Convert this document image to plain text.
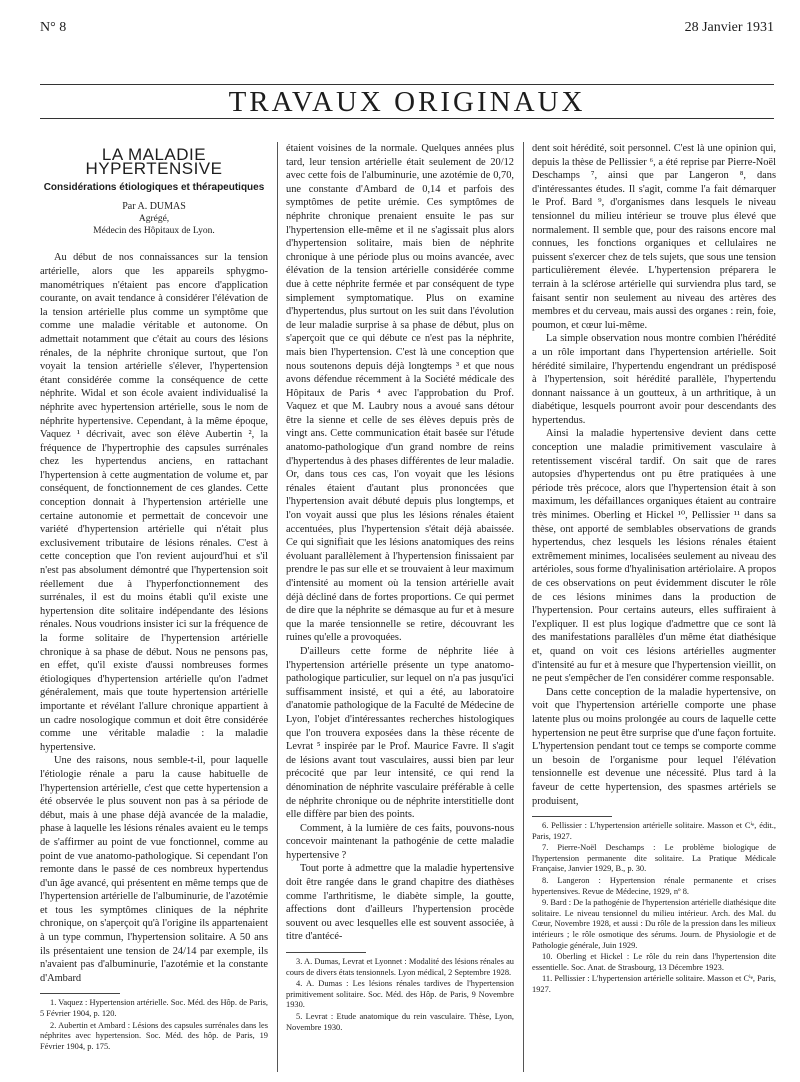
N° 8	28 Janvier 1931
TRAVAUX ORIGINAUX

LA MALADIE HYPERTENSIVE

Considérations étiologiques et thérapeutiques

Par A. DUMAS

Agrégé,

Médecin des Hôpitaux de Lyon.

Au début de nos connaissances sur la tension artérielle, alors que les appareils sphygmo-manométriques n'étaient pas encore d'application courante, on avait tendance à considérer l'élévation de la tension artérielle plus comme un symptôme que comme une maladie véritable et autonome. On admettait notamment que c'était au cours des lésions rénales, de la néphrite chronique surtout, que l'on voyait la tension artérielle s'élever, l'hypertension étant considérée comme la conséquence de cette néphrite. Widal et son école avaient individualisé la néphrite avec hypertension artérielle, sous le nom de néphrite hypertensive. Cependant, à la même époque, Vaquez ¹ décrivait, avec son élève Aubertin ², la fréquence de l'hypertrophie des capsules surrénales chez les hypertendus anciens, en rattachant l'hypertension à cette augmentation de volume et, par conséquent, de fonctionnement de ces glandes. Cette conception donnait à l'hypertension artérielle une certaine autonomie et permettait de concevoir une variété d'hypertension artérielle qui n'était plus exclusivement tributaire de lésions rénales. C'est à cette conception que l'on revient aujourd'hui et s'il n'est pas absolument démontré que l'hypertension soit réellement due à l'hyperfonctionnement des surrénales, il est du moins établi qu'il existe une hypertension dite solitaire indépendante des lésions rénales. Nous voudrions insister ici sur la fréquence de la forme solitaire de l'hypertension artérielle chronique à sa phase de début. Nous ne pensons pas, en effet, qu'il existe d'aussi nombreuses formes étiologiques d'hypertension artérielle qu'on l'admet généralement, mais que toute hypertension artérielle importante et révélant l'allure chronique appartient à un cadre nosologique commun et doit être considérée comme une véritable maladie : la maladie hypertensive.

Une des raisons, nous semble-t-il, pour laquelle l'étiologie rénale a paru la cause habituelle de l'hypertension artérielle, c'est que cette hypertension a été observée le plus souvent non pas à sa période de début, mais à une phase déjà avancée de la maladie, phase à laquelle les lésions rénales avaient eu le temps de s'affirmer au point de vue fonctionnel, comme au point de vue anatomo-pathologique. Si cependant l'on remonte dans le passé de ces nombreux hypertendus d'un âge avancé, qui présentent en même temps que de l'hypertension artérielle de l'albuminurie, de l'azotémie et tous les symptômes cliniques de la néphrite chronique, on s'aperçoit qu'à l'origine ils appartenaient à un type commun, l'hypertension solitaire. A 50 ans ils présentaient une tension de 24/14 par exemple, ils n'avaient pas d'albuminurie, l'azotémie et la constante d'Ambard

1. Vaquez : Hypertension artérielle. Soc. Méd. des Hôp. de Paris, 5 Février 1904, p. 120.

2. Aubertin et Ambard : Lésions des capsules surrénales dans les néphrites avec hypertension. Soc. Méd. des hôp. de Paris, 19 Février 1904, p. 175.

étaient voisines de la normale. Quelques années plus tard, leur tension artérielle était seulement de 20/12 avec cette fois de l'albuminurie, une azotémie de 0,70, une constante d'Ambard de 0,14 et parfois des symptômes de petite urémie. Ces symptômes de néphrite chronique prenaient ensuite le pas sur l'hypertension elle-même et il ne s'agissait plus alors d'hypertension solitaire, mais bien de néphrite chronique à une période plus ou moins avancée, avec élévation de la tension artérielle considérée comme due à cette néphrite fermée et par conséquent de type simplement symptomatique. Plus on examine d'hypertendus, plus surtout on les suit dans l'évolution de leur maladie surprise à sa phase de début, plus on s'aperçoit que ce qui débute ce n'est pas la néphrite, mais bien l'hypertension. C'est là une conception que nous soutenons depuis déjà longtemps ³ et que nous avons défendue récemment à la Société médicale des Hôpitaux de Paris ⁴ avec l'approbation du Prof. Vaquez et que M. Laubry nous a avoué sans détour être la sienne et celle de ses élèves depuis près de vingt ans. Cette communication était basée sur l'étude anatomo-pathologique d'un grand nombre de reins d'hypertendus à des phases différentes de leur maladie. Or, dans tous ces cas, l'on voyait que les lésions rénales étaient d'autant plus prononcées que l'hypertension avait débuté depuis plus longtemps, et l'on voyait aussi que plus les lésions rénales étaient accentuées, plus l'hypertension s'était déjà abaissée. Ce qui signifiait que les lésions anatomiques des reins évoluant parallèlement à l'hypertension finissaient par prendre le pas sur elle et se trouvaient à leur maximum d'intensité au moment où la tension artérielle avait déjà décliné dans de fortes proportions. Ce qui permet de dire que la néphrite se démasque au fur et à mesure que la marée tensionnelle se retire, découvrant les ruines qu'elle a provoquées.

D'ailleurs cette forme de néphrite liée à l'hypertension artérielle présente un type anatomo-pathologique particulier, sur lequel on n'a pas jusqu'ici suffisamment insisté, et qui a été, au laboratoire d'anatomie pathologique de la Faculté de Médecine de Lyon, l'objet d'intéressantes recherches histologiques que l'on trouvera exposées dans la thèse récente de Levrat ⁵ inspirée par le Prof. Maurice Favre. Il s'agit de lésions avant tout vasculaires, aussi bien par leur précocité que par leur intensité, ce qui rend la dénomination de néphrite vasculaire préférable à celle de néphrite chronique ou de néphrite interstitielle dont elle diffère par bien des points.

Comment, à la lumière de ces faits, pouvons-nous concevoir maintenant la pathogénie de cette maladie hypertensive ?

Tout porte à admettre que la maladie hypertensive doit être rangée dans le grand chapitre des diathèses comme l'arthritisme, le diabète simple, la goutte, affections dont d'ailleurs l'hypertension procède souvent ou avec lesquelles elle est souvent associée, à titre d'antécé-

3. A. Dumas, Levrat et Lyonnet : Modalité des lésions rénales au cours de divers états tensionnels. Lyon médical, 2 Septembre 1928.

4. A. Dumas : Les lésions rénales tardives de l'hypertension primitivement solitaire. Soc. Méd. des Hôp. de Paris, 9 Novembre 1930.

5. Levrat : Etude anatomique du rein vasculaire. Thèse, Lyon, Novembre 1930.

dent soit hérédité, soit personnel. C'est là une opinion qui, depuis la thèse de Pellissier ⁶, a été reprise par Pierre-Noël Deschamps ⁷, ainsi que par Langeron ⁸, dans d'intéressantes études. Il s'agit, comme l'a fait démarquer le Prof. Bard ⁹, d'organismes dans lesquels le niveau tensionnel du milieu intérieur se trouve plus élevé que normalement. Il semble que, pour des raisons encore mal connues, les fonctions organiques et cellulaires ne puissent s'exercer chez de tels sujets, que sous une tension particulièrement élevée. L'hypertension préparera le terrain à la sclérose artérielle qui surviendra plus tard, se faisant sentir non seulement au niveau des artères des membres et du cerveau, mais aussi des organes : rein, foie, poumon, et cœur lui-même.

La simple observation nous montre combien l'hérédité a un rôle important dans l'hypertension artérielle. Soit hérédité similaire, l'hypertendu engendrant un prédisposé à l'hypertension, soit hérédité parallèle, l'hypertendu donnant naissance à un goutteux, à un arthritique, à un diabétique, lesquels pourront avoir pour descendants des hypertendus.

Ainsi la maladie hypertensive devient dans cette conception une maladie primitivement vasculaire à retentissement viscéral tardif. On sait que de rares autopsies d'hypertendus ont pu être pratiquées à une période très précoce, alors que l'hypertension était à son maximum, les défaillances organiques étaient au contraire très minimes. Oberling et Hickel ¹⁰, Pellissier ¹¹ dans sa thèse, ont apporté de semblables observations de grands hypertendus, chez lesquels les lésions rénales étaient extrêmement minimes, localisées seulement au niveau des artérioles, sous forme d'hyalinisation artériolaire. A propos de ces observations on peut évidemment discuter le rôle de ces lésions minimes dans la production de l'hypertension. Pour certains auteurs, elles suffiraient à l'expliquer. Il est plus logique d'admettre que ce sont là des manifestations parallèles d'un même état diathésique et, quand on voit ces lésions artérielles augmenter d'intensité au fur et à mesure que l'hypertension vieillit, on ne peut s'empêcher de l'en considérer comme responsable.

Dans cette conception de la maladie hypertensive, on voit que l'hypertension artérielle comporte une phase latente plus ou moins prolongée au cours de laquelle cette hypertension ne peut être surprise que d'une façon fortuite. L'hypertension pendant tout ce temps se comporte comme un besoin de l'organisme pour lequel l'élévation tensionnelle est devenue une nécessité. Plus tard à la faveur de cette hypertension, des spasmes artériels se produisent,

6. Pellissier : L'hypertension artérielle solitaire. Masson et Cⁱᵉ, édit., Paris, 1927.

7. Pierre-Noël Deschamps : Le problème biologique de l'hypertension permanente dite solitaire. La Pratique Médicale Française, Janvier 1929, B., p. 30.

8. Langeron : Hypertension rénale permanente et crises hypertensives. Revue de Médecine, 1929, nº 8.

9. Bard : De la pathogénie de l'hypertension artérielle diathésique dite solitaire. Le niveau tensionnel du milieu intérieur. Arch. des Mal. du Cœur, Novembre 1928, et aussi : Du rôle de la pression dans les milieux intérieurs ; le rôle osmotique des sérums. Journ. de Physiologie et de Pathologie générale, Juin 1929.

10. Oberling et Hickel : Le rôle du rein dans l'hypertension dite essentielle. Soc. Anat. de Strasbourg, 13 Décembre 1923.

11. Pellissier : L'hypertension artérielle solitaire. Masson et Cⁱᵉ, Paris, 1927.
